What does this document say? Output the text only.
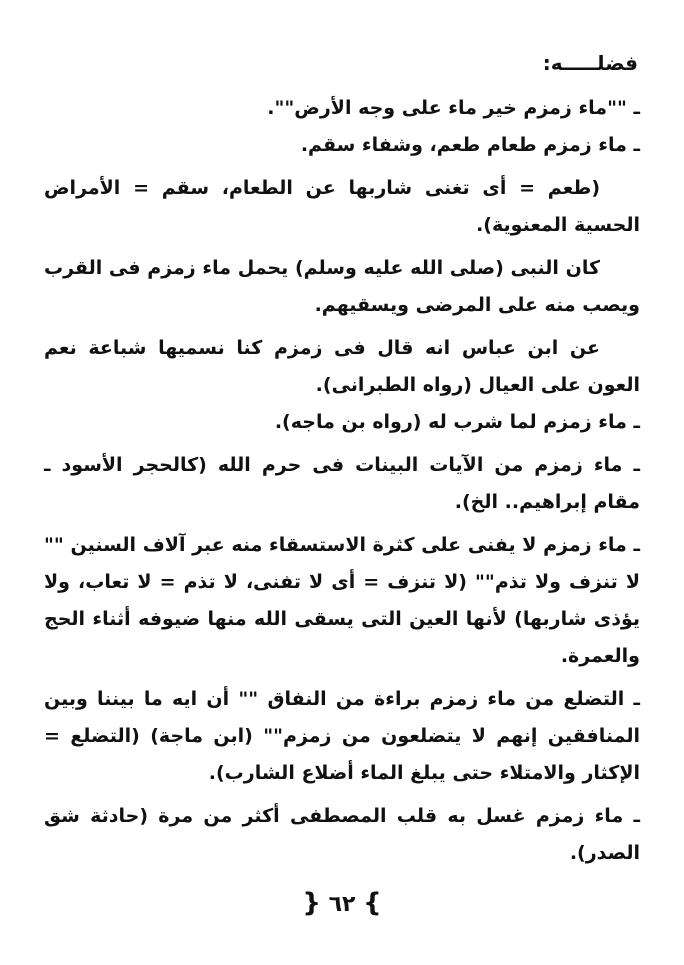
فضلـــــه:

ـ ""ماء زمزم خير ماء على وجه الأرض"".

ـ ماء زمزم طعام طعم، وشفاء سقم.

(طعم = أى تغنى شاربها عن الطعام، سقم = الأمراض الحسية المعنوية).

كان النبى (صلى الله عليه وسلم) يحمل ماء زمزم فى القرب ويصب منه على المرضى ويسقيهم.

عن ابن عباس انه قال فى زمزم كنا نسميها شباعة نعم العون على العيال (رواه الطبرانى).

ـ ماء زمزم لما شرب له (رواه بن ماجه).

ـ ماء زمزم من الآيات البينات فى حرم الله (كالحجر الأسود ـ مقام إبراهيم.. الخ).

ـ ماء زمزم لا يفنى على كثرة الاستسقاء منه عبر آلاف السنين "" لا تنزف ولا تذم"" (لا تنزف = أى لا تفنى، لا تذم = لا تعاب، ولا يؤذى شاربها) لأنها العين التى يسقى الله منها ضيوفه أثناء الحج والعمرة.

ـ التضلع من ماء زمزم براءة من النفاق "" أن ايه ما بيننا وبين المنافقين إنهم لا يتضلعون من زمزم"" (ابن ماجة) (التضلع = الإكثار والامتلاء حتى يبلغ الماء أضلاع الشارب).

ـ ماء زمزم غسل به قلب المصطفى أكثر من مرة (حادثة شق الصدر).

} ٦٢ {
